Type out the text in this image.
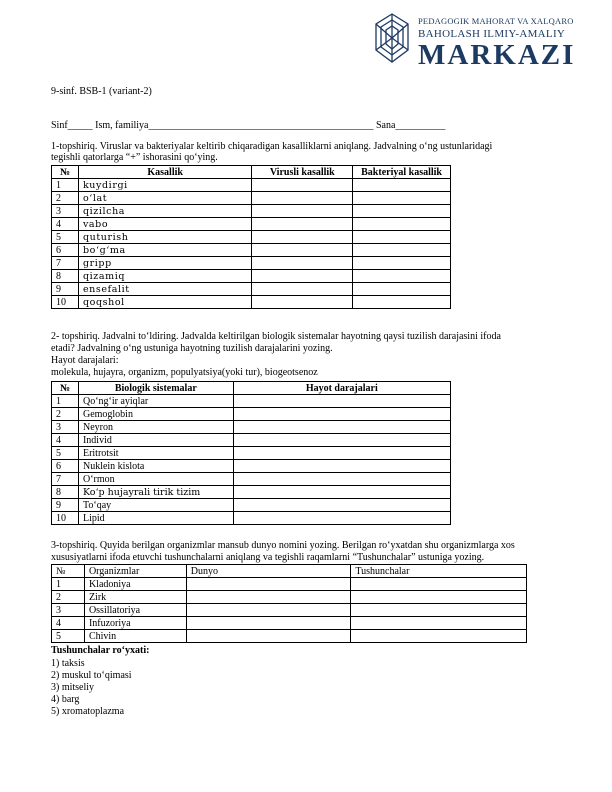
PEDAGOGIK MAHORAT VA XALQARO
BAHOLASH ILMIY-AMALIY
MARKAZI
9-sinf. BSB-1 (variant-2)
Sinf_____ Ism, familiya_____________________________________________ Sana__________
1-topshiriq. Viruslar va bakteriyalar keltirib chiqaradigan kasalliklarni aniqlang. Jadvalning o‘ng ustunlaridagi
tegishli qatorlarga “+” ishorasini qo‘ying.
№	Kasallik	Virusli kasallik	Bakteriyal kasallik
1	kuydirgi		
2	o‘lat		
3	qizilcha		
4	vabo		
5	quturish		
6	bo‘g‘ma		
7	gripp		
8	qizamiq		
9	ensefalit		
10	qoqshol		
2- topshiriq. Jadvalni to‘ldiring. Jadvalda keltirilgan biologik sistemalar hayotning qaysi tuzilish darajasini ifoda
etadi? Jadvalning o‘ng ustuniga hayotning tuzilish darajalarini yozing.
Hayot darajalari:
molekula, hujayra, organizm, populyatsiya(yoki tur), biogeotsenoz
№	Biologik sistemalar	Hayot darajalari
1	Qo‘ng‘ir ayiqlar	
2	Gemoglobin	
3	Neyron	
4	Individ	
5	Eritrotsit	
6	Nuklein kislota	
7	O‘rmon	
8	Ko‘p hujayrali tirik tizim	
9	To‘qay	
10	Lipid	
3-topshiriq. Quyida berilgan organizmlar mansub dunyo nomini yozing. Berilgan ro‘yxatdan shu organizmlarga xos
xususiyatlarni ifoda etuvchi tushunchalarni aniqlang va tegishli raqamlarni “Tushunchalar” ustuniga yozing.
№	Organizmlar	Dunyo	Tushunchalar
1	Kladoniya		
2	Zirk		
3	Ossillatoriya		
4	Infuzoriya		
5	Chivin		
Tushunchalar ro‘yxati:
1) taksis
2) muskul to‘qimasi
3) mitseliy
4) barg
5) xromatoplazma
